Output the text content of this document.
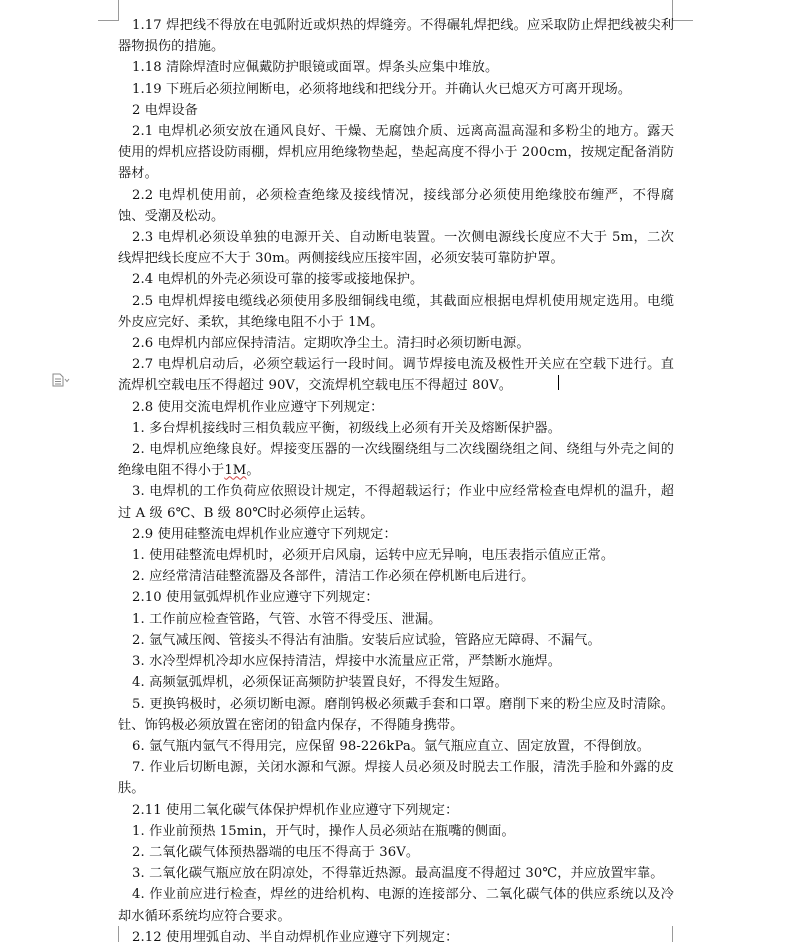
1.17 焊把线不得放在电弧附近或炽热的焊缝旁。不得碾轧焊把线。应采取防止焊把线被尖利器物损伤的措施。

1.18 清除焊渣时应佩戴防护眼镜或面罩。焊条头应集中堆放。

1.19 下班后必须拉闸断电，必须将地线和把线分开。并确认火已熄灭方可离开现场。

2 电焊设备

2.1 电焊机必须安放在通风良好、干燥、无腐蚀介质、远离高温高湿和多粉尘的地方。露天使用的焊机应搭设防雨棚，焊机应用绝缘物垫起，垫起高度不得小于 200cm，按规定配备消防器材。

2.2 电焊机使用前，必须检查绝缘及接线情况，接线部分必须使用绝缘胶布缠严，不得腐蚀、受潮及松动。

2.3 电焊机必须设单独的电源开关、自动断电装置。一次侧电源线长度应不大于 5m，二次线焊把线长度应不大于 30m。两侧接线应压接牢固，必须安装可靠防护罩。

2.4 电焊机的外壳必须设可靠的接零或接地保护。

2.5 电焊机焊接电缆线必须使用多股细铜线电缆，其截面应根据电焊机使用规定选用。电缆外皮应完好、柔软，其绝缘电阻不小于 1M。

2.6 电焊机内部应保持清洁。定期吹净尘土。清扫时必须切断电源。

2.7 电焊机启动后，必须空载运行一段时间。调节焊接电流及极性开关应在空载下进行。直流焊机空载电压不得超过 90V，交流焊机空载电压不得超过 80V。

2.8 使用交流电焊机作业应遵守下列规定：

1. 多台焊机接线时三相负载应平衡，初级线上必须有开关及熔断保护器。

2. 电焊机应绝缘良好。焊接变压器的一次线圈绕组与二次线圈绕组之间、绕组与外壳之间的绝缘电阻不得小于1M。

3. 电焊机的工作负荷应依照设计规定，不得超载运行；作业中应经常检查电焊机的温升，超过 A 级 6℃、B 级 80℃时必须停止运转。

2.9 使用硅整流电焊机作业应遵守下列规定：

1. 使用硅整流电焊机时，必须开启风扇，运转中应无异响，电压表指示值应正常。

2. 应经常清洁硅整流器及各部件，清洁工作必须在停机断电后进行。

2.10 使用氩弧焊机作业应遵守下列规定：

1. 工作前应检查管路，气管、水管不得受压、泄漏。

2. 氩气减压阀、管接头不得沾有油脂。安装后应试验，管路应无障碍、不漏气。

3. 水冷型焊机冷却水应保持清洁，焊接中水流量应正常，严禁断水施焊。

4. 高频氩弧焊机，必须保证高频防护装置良好，不得发生短路。

5. 更换钨极时，必须切断电源。磨削钨极必须戴手套和口罩。磨削下来的粉尘应及时清除。钍、饰钨极必须放置在密闭的铅盒内保存，不得随身携带。

6. 氩气瓶内氩气不得用完，应保留 98-226kPa。氩气瓶应直立、固定放置，不得倒放。

7. 作业后切断电源，关闭水源和气源。焊接人员必须及时脱去工作服，清洗手脸和外露的皮肤。

2.11 使用二氧化碳气体保护焊机作业应遵守下列规定：

1. 作业前预热 15min，开气时，操作人员必须站在瓶嘴的侧面。

2. 二氧化碳气体预热器端的电压不得高于 36V。

3. 二氧化碳气瓶应放在阴凉处，不得靠近热源。最高温度不得超过 30℃，并应放置牢靠。

4. 作业前应进行检查，焊丝的进给机构、电源的连接部分、二氧化碳气体的供应系统以及冷却水循环系统均应符合要求。

2.12 使用埋弧自动、半自动焊机作业应遵守下列规定：
